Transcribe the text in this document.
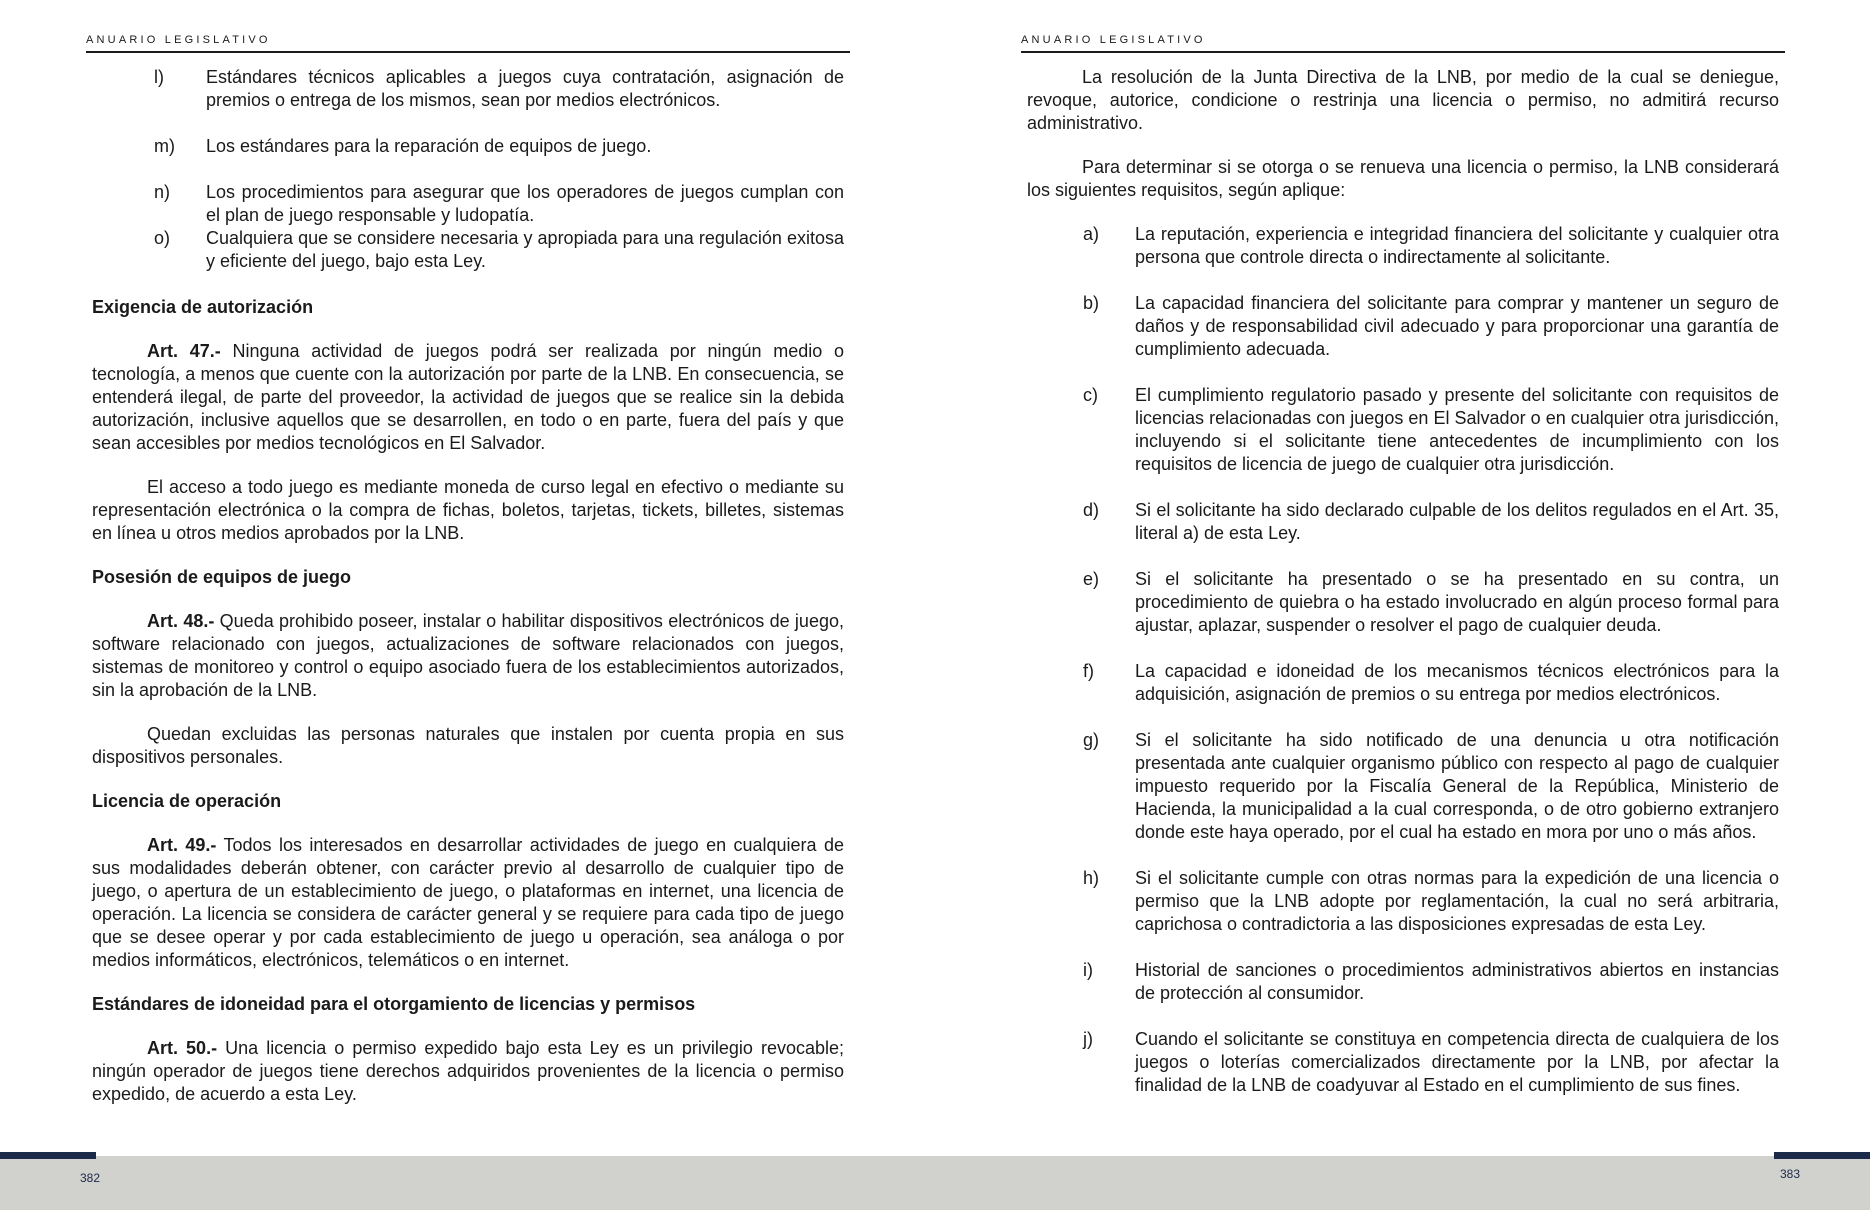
ANUARIO LEGISLATIVO
l)	Estándares técnicos aplicables a juegos cuya contratación, asignación de premios o entrega de los mismos, sean por medios electrónicos.
m)	Los estándares para la reparación de equipos de juego.
n)	Los procedimientos para asegurar que los operadores de juegos cumplan con el plan de juego responsable y ludopatía.
o)	Cualquiera que se considere necesaria y apropiada para una regulación exitosa y eficiente del juego, bajo esta Ley.
Exigencia de autorización

Art. 47.- Ninguna actividad de juegos podrá ser realizada por ningún medio o tecnología, a menos que cuente con la autorización por parte de la LNB. En consecuencia, se entenderá ilegal, de parte del proveedor, la actividad de juegos que se realice sin la debida autorización, inclusive aquellos que se desarrollen, en todo o en parte, fuera del país y que sean accesibles por medios tecnológicos en El Salvador.

El acceso a todo juego es mediante moneda de curso legal en efectivo o mediante su representación electrónica o la compra de fichas, boletos, tarjetas, tickets, billetes, sistemas en línea u otros medios aprobados por la LNB.

Posesión de equipos de juego

Art. 48.- Queda prohibido poseer, instalar o habilitar dispositivos electrónicos de juego, software relacionado con juegos, actualizaciones de software relacionados con juegos, sistemas de monitoreo y control o equipo asociado fuera de los establecimientos autorizados, sin la aprobación de la LNB.

Quedan excluidas las personas naturales que instalen por cuenta propia en sus dispositivos personales.

Licencia de operación

Art. 49.- Todos los interesados en desarrollar actividades de juego en cualquiera de sus modalidades deberán obtener, con carácter previo al desarrollo de cualquier tipo de juego, o apertura de un establecimiento de juego, o plataformas en internet, una licencia de operación. La licencia se considera de carácter general y se requiere para cada tipo de juego que se desee operar y por cada establecimiento de juego u operación, sea análoga o por medios informáticos, electrónicos, telemáticos o en internet.

Estándares de idoneidad para el otorgamiento de licencias y permisos

Art. 50.- Una licencia o permiso expedido bajo esta Ley es un privilegio revocable; ningún operador de juegos tiene derechos adquiridos provenientes de la licencia o permiso expedido, de acuerdo a esta Ley.

ANUARIO LEGISLATIVO

La resolución de la Junta Directiva de la LNB, por medio de la cual se deniegue, revoque, autorice, condicione o restrinja una licencia o permiso, no admitirá recurso administrativo.

Para determinar si se otorga o se renueva una licencia o permiso, la LNB considerará los siguientes requisitos, según aplique:

a)	La reputación, experiencia e integridad financiera del solicitante y cualquier otra persona que controle directa o indirectamente al solicitante.
b)	La capacidad financiera del solicitante para comprar y mantener un seguro de daños y de responsabilidad civil adecuado y para proporcionar una garantía de cumplimiento adecuada.
c)	El cumplimiento regulatorio pasado y presente del solicitante con requisitos de licencias relacionadas con juegos en El Salvador o en cualquier otra jurisdicción, incluyendo si el solicitante tiene antecedentes de incumplimiento con los requisitos de licencia de juego de cualquier otra jurisdicción.
d)	Si el solicitante ha sido declarado culpable de los delitos regulados en el Art. 35, literal a) de esta Ley.
e)	Si el solicitante ha presentado o se ha presentado en su contra, un procedimiento de quiebra o ha estado involucrado en algún proceso formal para ajustar, aplazar, suspender o resolver el pago de cualquier deuda.
f)	La capacidad e idoneidad de los mecanismos técnicos electrónicos para la adquisición, asignación de premios o su entrega por medios electrónicos.
g)	Si el solicitante ha sido notificado de una denuncia u otra notificación presentada ante cualquier organismo público con respecto al pago de cualquier impuesto requerido por la Fiscalía General de la República, Ministerio de Hacienda, la municipalidad a la cual corresponda, o de otro gobierno extranjero donde este haya operado, por el cual ha estado en mora por uno o más años.
h)	Si el solicitante cumple con otras normas para la expedición de una licencia o permiso que la LNB adopte por reglamentación, la cual no será arbitraria, caprichosa o contradictoria a las disposiciones expresadas de esta Ley.
i)	Historial de sanciones o procedimientos administrativos abiertos en instancias de protección al consumidor.
j)	Cuando el solicitante se constituya en competencia directa de cualquiera de los juegos o loterías comercializados directamente por la LNB, por afectar la finalidad de la LNB de coadyuvar al Estado en el cumplimiento de sus fines.
382	383
